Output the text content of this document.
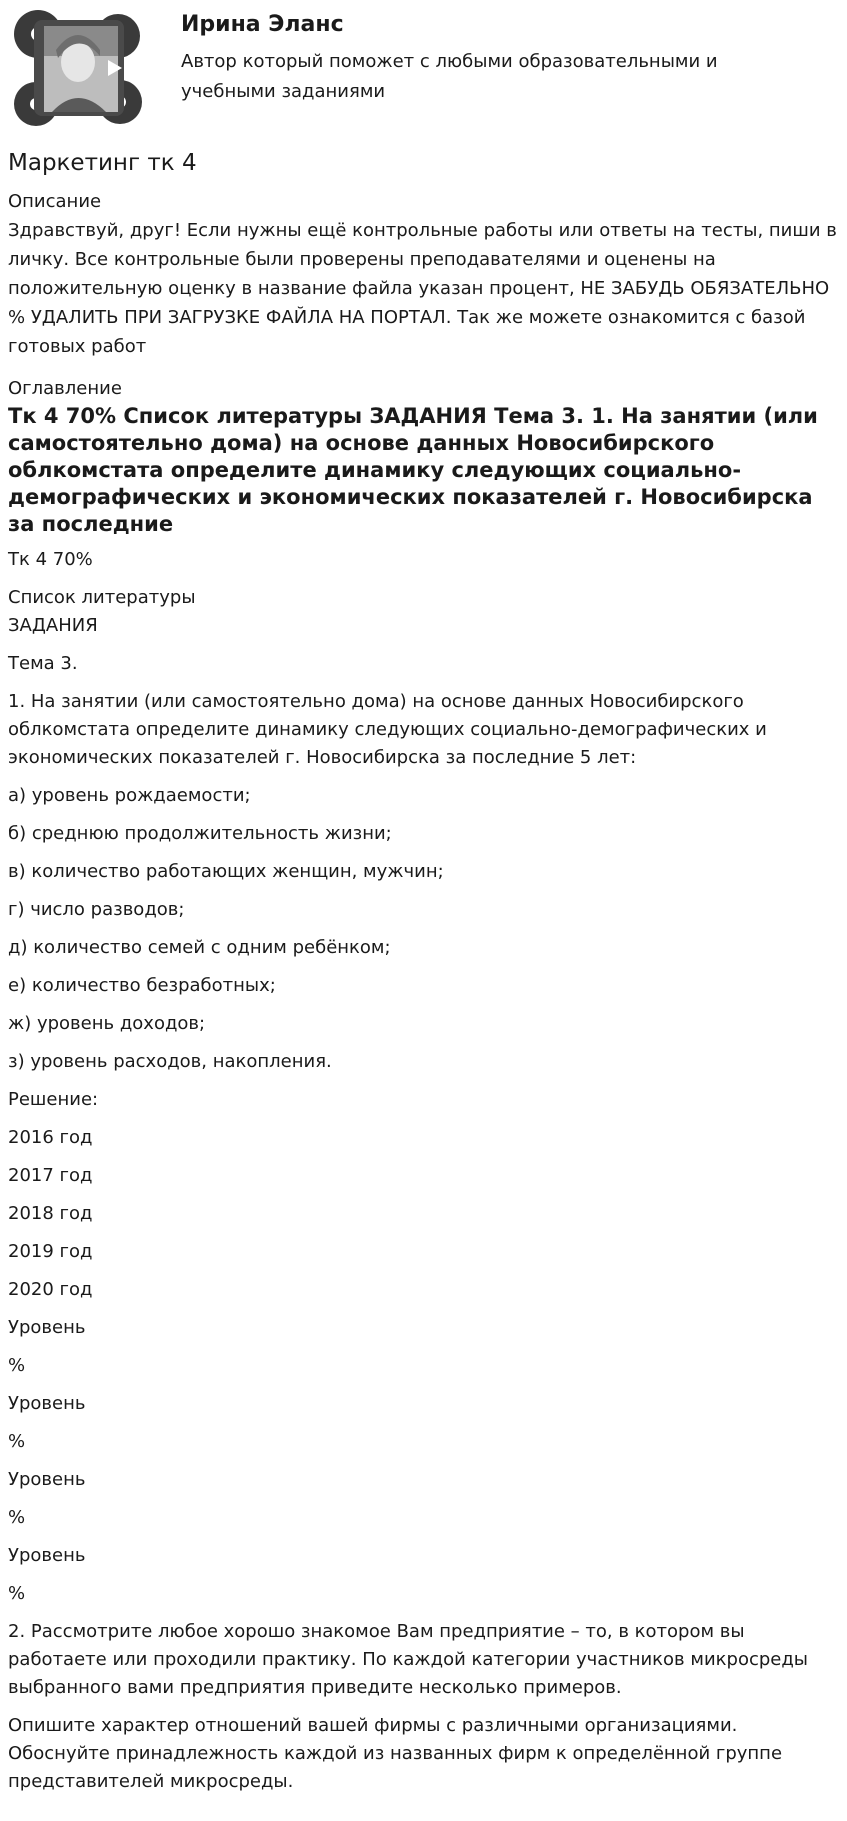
Ирина Эланс
Автор который поможет с любыми образовательными и учебными заданиями
Маркетинг тк 4
Описание
Здравствуй, друг! Если нужны ещё контрольные работы или ответы на тесты, пиши в личку. Все контрольные были проверены преподавателями и оценены на положительную оценку в название файла указан процент, НЕ ЗАБУДЬ ОБЯЗАТЕЛЬНО % УДАЛИТЬ ПРИ ЗАГРУЗКЕ ФАЙЛА НА ПОРТАЛ. Так же можете ознакомится с базой готовых работ
Оглавление
Тк 4 70% Список литературы ЗАДАНИЯ Тема 3. 1. На занятии (или самостоятельно дома) на основе данных Новосибирского облкомстата определите динамику следующих социально-демографических и экономических показателей г. Новосибирска за последние
Тк 4 70%
Список литературы
ЗАДАНИЯ
Тема 3.
1. На занятии (или самостоятельно дома) на основе данных Новосибирского облкомстата определите динамику следующих социально-демографических и экономических показателей г. Новосибирска за последние 5 лет:
а) уровень рождаемости;
б) среднюю продолжительность жизни;
в) количество работающих женщин, мужчин;
г) число разводов;
д) количество семей с одним ребёнком;
е) количество безработных;
ж) уровень доходов;
з) уровень расходов, накопления.
Решение:
2016 год
2017 год
2018 год
2019 год
2020 год
Уровень
%
Уровень
%
Уровень
%
Уровень
%
2. Рассмотрите любое хорошо знакомое Вам предприятие – то, в котором вы работаете или проходили практику. По каждой категории участников микросреды выбранного вами предприятия приведите несколько примеров.
Опишите характер отношений вашей фирмы с различными организациями. Обоснуйте принадлежность каждой из названных фирм к определённой группе представителей микросреды.
